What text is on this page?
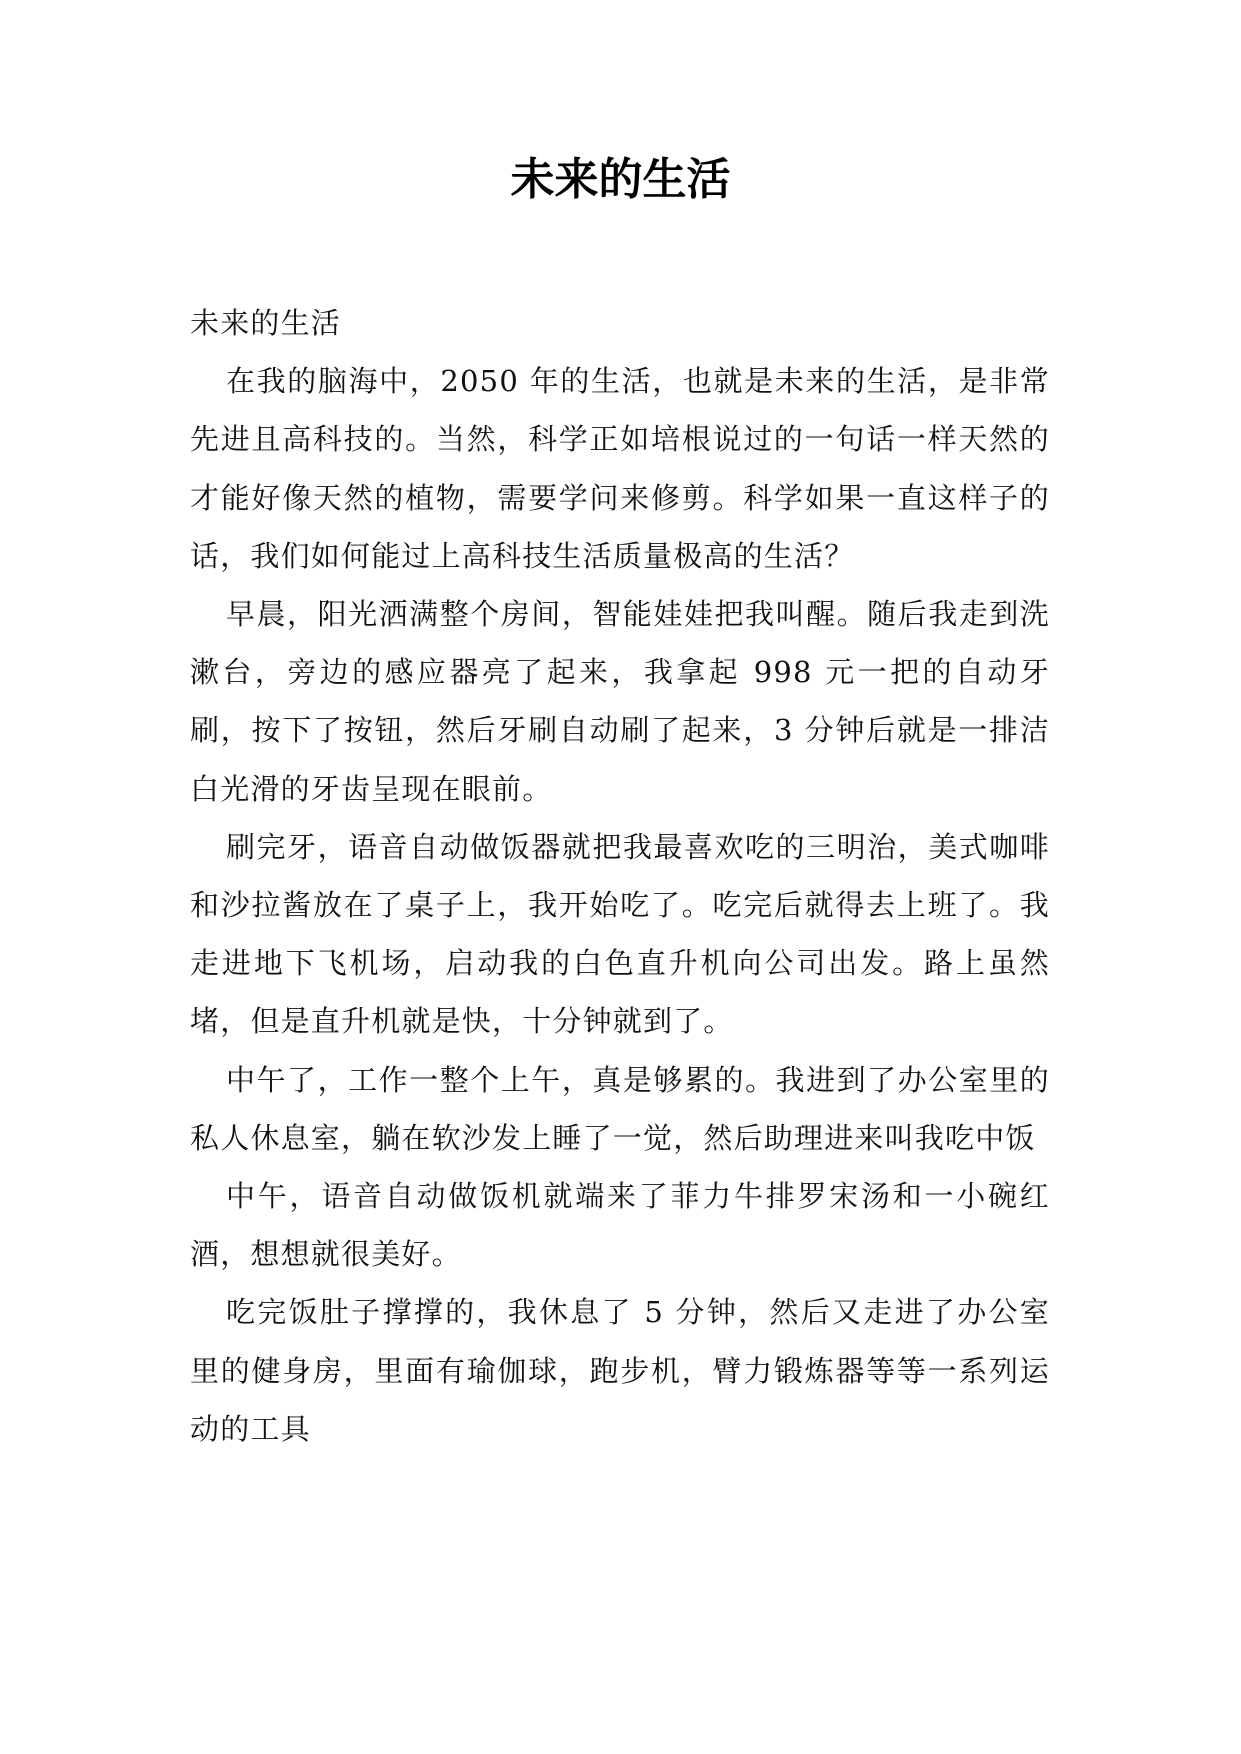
未来的生活

未来的生活

在我的脑海中，2050 年的生活，也就是未来的生活，是非常先进且高科技的。当然，科学正如培根说过的一句话一样天然的才能好像天然的植物，需要学问来修剪。科学如果一直这样子的话，我们如何能过上高科技生活质量极高的生活？

早晨，阳光洒满整个房间，智能娃娃把我叫醒。随后我走到洗漱台，旁边的感应器亮了起来，我拿起 998 元一把的自动牙刷，按下了按钮，然后牙刷自动刷了起来，3 分钟后就是一排洁白光滑的牙齿呈现在眼前。

刷完牙，语音自动做饭器就把我最喜欢吃的三明治，美式咖啡和沙拉酱放在了桌子上，我开始吃了。吃完后就得去上班了。我走进地下飞机场，启动我的白色直升机向公司出发。路上虽然堵，但是直升机就是快，十分钟就到了。

中午了，工作一整个上午，真是够累的。我进到了办公室里的私人休息室，躺在软沙发上睡了一觉，然后助理进来叫我吃中饭

中午，语音自动做饭机就端来了菲力牛排罗宋汤和一小碗红酒，想想就很美好。

吃完饭肚子撑撑的，我休息了 5 分钟，然后又走进了办公室里的健身房，里面有瑜伽球，跑步机，臂力锻炼器等等一系列运动的工具
